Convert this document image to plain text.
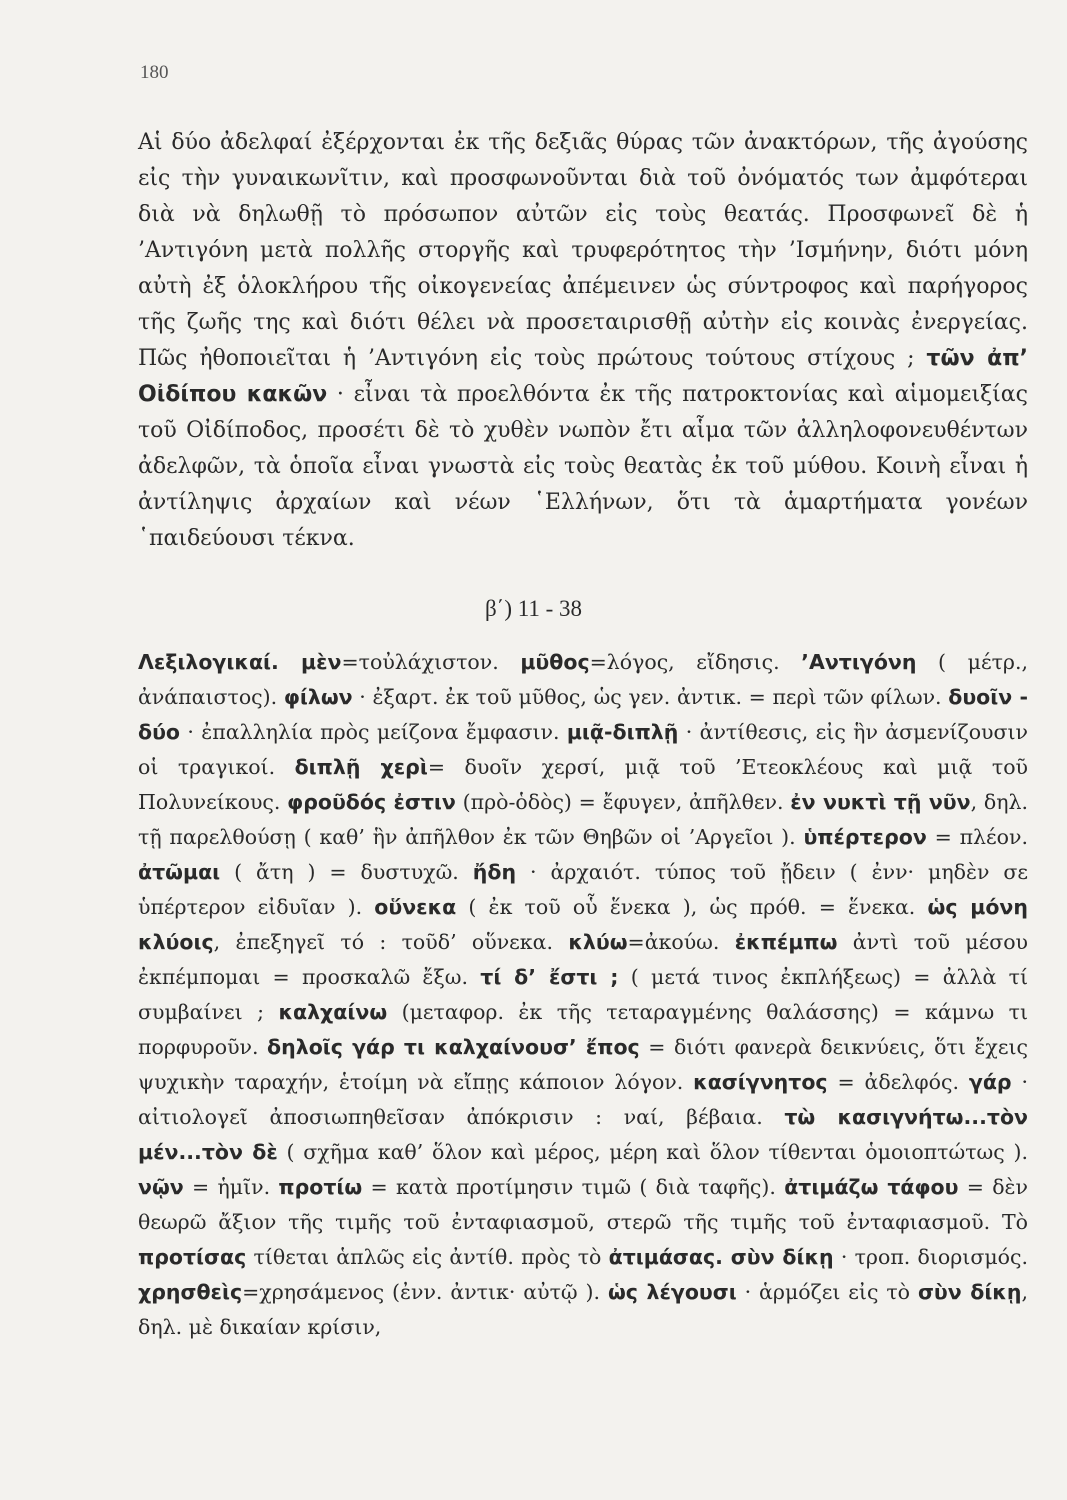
180
Αἱ δύο ἀδελφαί ἐξέρχονται ἐκ τῆς δεξιᾶς θύρας τῶν ἀνακτόρων, τῆς ἀγούσης εἰς τὴν γυναικωνῖτιν, καὶ προσφωνοῦνται διὰ τοῦ ὀνόματός των ἀμφότεραι διὰ νὰ δηλωθῇ τὸ πρόσωπον αὐτῶν εἰς τοὺς θεατάς. Προσφωνεῖ δὲ ἡ ’Αντιγόνη μετὰ πολλῆς στοργῆς καὶ τρυφερότητος τὴν ’Ισμήνην, διότι μόνη αὐτὴ ἐξ ὁλοκλήρου τῆς οἰκογενείας ἀπέμεινεν ὡς σύντροφος καὶ παρήγορος τῆς ζωῆς της καὶ διότι θέλει νὰ προσεταιρισθῇ αὐτὴν εἰς κοινὰς ἐνεργείας. Πῶς ἠθοποιεῖται ἡ ’Αντιγόνη εἰς τοὺς πρώτους τούτους στίχους ; τῶν ἀπ’ Οἰδίπου κακῶν · εἶναι τὰ προελθόντα ἐκ τῆς πατροκτονίας καὶ αἱμομειξίας τοῦ Οἰδίποδος, προσέτι δὲ τὸ χυθὲν νωπὸν ἔτι αἷμα τῶν ἀλληλοφονευθέντων ἀδελφῶν, τὰ ὁποῖα εἶναι γνωστὰ εἰς τοὺς θεατὰς ἐκ τοῦ μύθου. Κοινὴ εἶναι ἡ ἀντίληψις ἀρχαίων καὶ νέων ῾Ελλήνων, ὅτι τὰ ἁμαρτήματα γονέων ῾παιδεύουσι τέκνα.
β΄) 11 - 38
Λεξιλογικαί. μὲν=τοὐλάχιστον. μῦθος=λόγος, εἴδησις. ’Αντιγόνη ( μέτρ., ἀνάπαιστος). φίλων · ἐξαρτ. ἐκ τοῦ μῦθος, ὡς γεν. ἀντικ. = περὶ τῶν φίλων. δυοῖν - δύο · ἐπαλληλία πρὸς μείζονα ἔμφασιν. μιᾷ-διπλῇ · ἀντίθεσις, εἰς ἣν ἀσμενίζουσιν οἱ τραγικοί. διπλῇ χερὶ= δυοῖν χερσί, μιᾷ τοῦ ’Ετεοκλέους καὶ μιᾷ τοῦ Πολυνείκους. φροῦδός ἐστιν (πρὸ-ὁδὸς) = ἔφυγεν, ἀπῆλθεν. ἐν νυκτὶ τῇ νῦν, δηλ. τῇ παρελθούσῃ ( καθ’ ἣν ἀπῆλθον ἐκ τῶν Θηβῶν οἱ ’Αργεῖοι ). ὑπέρτερον = πλέον. ἀτῶμαι ( ἄτη ) = δυστυχῶ. ἤδη · ἀρχαιότ. τύπος τοῦ ᾔδειν ( ἐνν· μηδὲν σε ὑπέρτερον εἰδυῖαν ). οὕνεκα ( ἐκ τοῦ οὗ ἕνεκα ), ὡς πρόθ. = ἕνεκα. ὡς μόνη κλύοις, ἐπεξηγεῖ τό : τοῦδ’ οὕνεκα. κλύω=ἀκούω. ἐκπέμπω ἀντὶ τοῦ μέσου ἐκπέμπομαι = προσκαλῶ ἔξω. τί δ’ ἔστι ; ( μετά τινος ἐκπλήξεως) = ἀλλὰ τί συμβαίνει ; καλχαίνω (μεταφορ. ἐκ τῆς τεταραγμένης θαλάσσης) = κάμνω τι πορφυροῦν. δηλοῖς γάρ τι καλχαίνουσ’ ἔπος = διότι φανερὰ δεικνύεις, ὅτι ἔχεις ψυχικὴν ταραχήν, ἑτοίμη νὰ εἴπῃς κάποιον λόγον. κασίγνητος = ἀδελφός. γάρ · αἰτιολογεῖ ἀποσιωπηθεῖσαν ἀπόκρισιν : ναί, βέβαια. τὼ κασιγνήτω...τὸν μέν...τὸν δὲ ( σχῆμα καθ’ ὅλον καὶ μέρος, μέρη καὶ ὅλον τίθενται ὁμοιοπτώτως ). νῷν = ἡμῖν. προτίω = κατὰ προτίμησιν τιμῶ ( διὰ ταφῆς). ἀτιμάζω τάφου = δὲν θεωρῶ ἄξιον τῆς τιμῆς τοῦ ἐνταφιασμοῦ, στερῶ τῆς τιμῆς τοῦ ἐνταφιασμοῦ. Τὸ προτίσας τίθεται ἁπλῶς εἰς ἀντίθ. πρὸς τὸ ἀτιμάσας. σὺν δίκῃ · τροπ. διορισμός. χρησθεὶς=χρησάμενος (ἐνν. ἀντικ· αὐτῷ ). ὡς λέγουσι · ἁρμόζει εἰς τὸ σὺν δίκῃ, δηλ. μὲ δικαίαν κρίσιν,
